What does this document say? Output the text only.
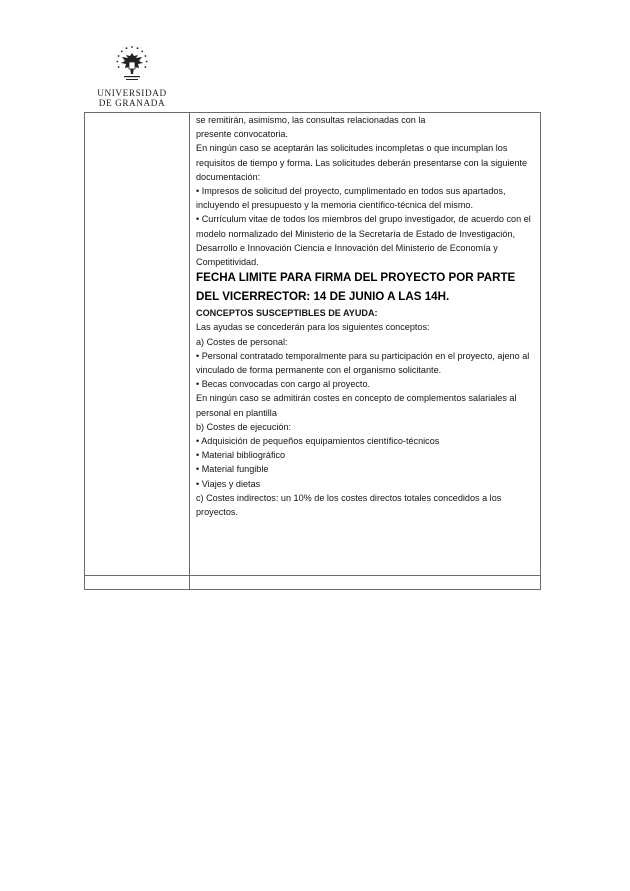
UNIVERSIDAD
DE GRANADA

se remitirán, asimismo, las consultas relacionadas con la

presente convocatoria.

En ningún caso se aceptarán las solicitudes incompletas o que incumplan los requisitos de tiempo y forma. Las solicitudes deberán presentarse con la siguiente documentación:

• Impresos de solicitud del proyecto, cumplimentado en todos sus apartados, incluyendo el presupuesto y la memoria científico-técnica del mismo.

• Currículum vitae de todos los miembros del grupo investigador, de acuerdo con el modelo normalizado del Ministerio de la Secretaría de Estado de Investigación, Desarrollo e Innovación Ciencia e Innovación del Ministerio de Economía y Competitividad.

FECHA LIMITE PARA FIRMA DEL PROYECTO POR PARTE DEL VICERRECTOR: 14 DE JUNIO A LAS 14H.

CONCEPTOS SUSCEPTIBLES DE AYUDA:

Las ayudas se concederán para los siguientes conceptos:

a) Costes de personal:

• Personal contratado temporalmente para su participación en el proyecto, ajeno al vinculado de forma permanente con el organismo solicitante.

• Becas convocadas con cargo al proyecto.

En ningún caso se admitirán costes en concepto de complementos salariales al personal en plantilla

b) Costes de ejecución:

• Adquisición de pequeños equipamientos científico-técnicos

• Material bibliográfico

• Material fungible

• Viajes y dietas

c) Costes indirectos: un 10% de los costes directos totales concedidos a los proyectos.
